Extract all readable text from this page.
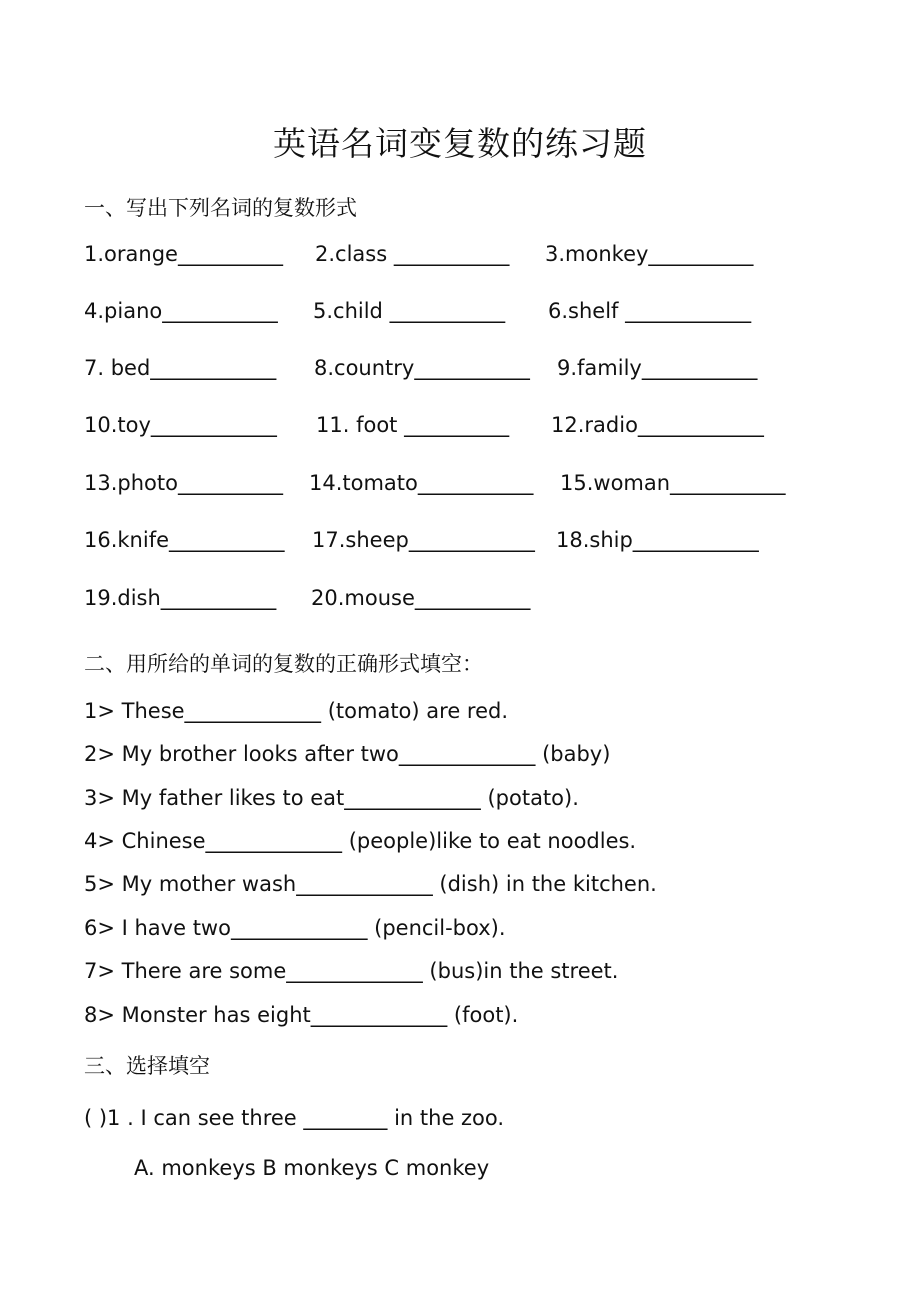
英语名词变复数的练习题
一、写出下列名词的复数形式
1.orange__________ 2.class ___________ 3.monkey__________
4.piano___________ 5.child ___________ 6.shelf ____________
7. bed____________ 8.country___________ 9.family___________
10.toy____________ 11. foot __________ 12.radio____________
13.photo__________ 14.tomato___________ 15.woman___________
16.knife___________ 17.sheep____________ 18.ship____________
19.dish___________ 20.mouse___________
二、用所给的单词的复数的正确形式填空：
1> These_____________ (tomato) are red.
2> My brother looks after two_____________ (baby)
3> My father likes to eat_____________ (potato).
4> Chinese_____________ (people)like to eat noodles.
5> My mother wash_____________ (dish) in the kitchen.
6> I have two_____________ (pencil-box).
7> There are some_____________ (bus)in the street.
8> Monster has eight_____________ (foot).
三、选择填空
( )1 . I can see three ________ in the zoo.
A. monkeys B monkeys C monkey
